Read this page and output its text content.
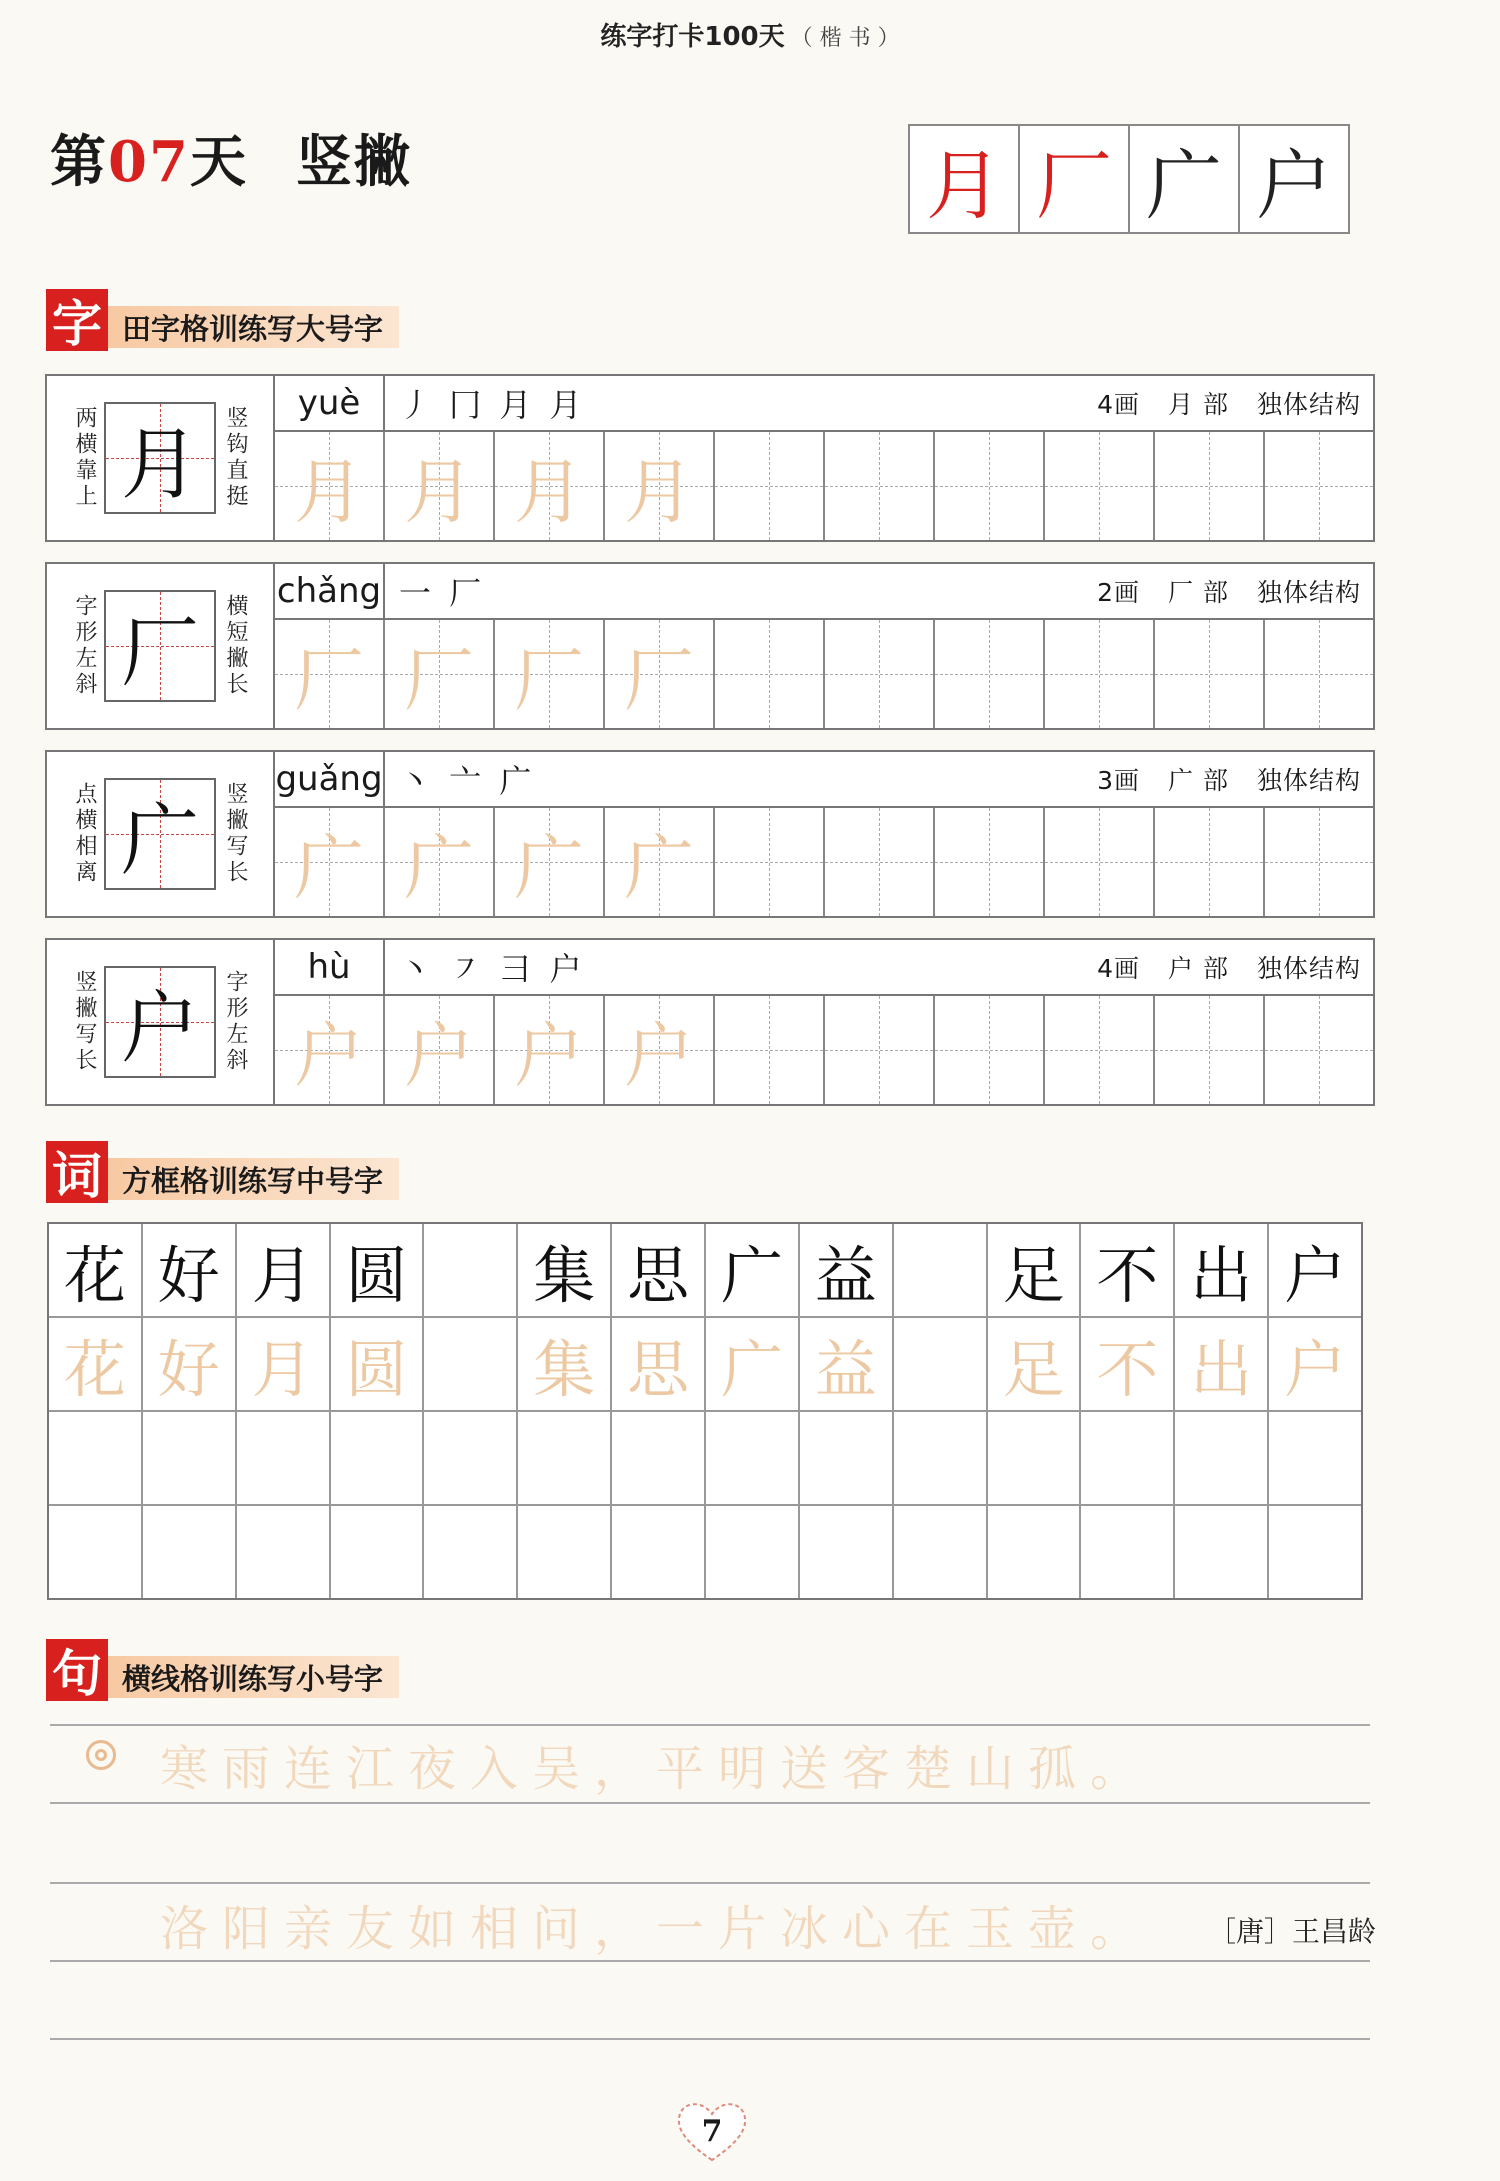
练字打卡100天 （ 楷 书 ）
第07天 竖撇	月 厂 广 户
字 田字格训练写大号字
两横靠上 月 竖钩直挺
yuè	丿 冂 月 月	4画 月 部 独体结构
月 月 月 月
字形左斜 厂 横短撇长
chǎng 一 厂	2画 厂 部 独体结构
厂 厂 厂 厂
点横相离 广 竖撇写长
guǎng 丶 亠 广	3画 广 部 独体结构
广 广 广 广
竖撇写长 户 字形左斜
hù	丶 ㇇ 彐 户	4画 户 部 独体结构
户 户 户 户
词 方框格训练写中号字
花 好 月 圆 集 思 广 益 足 不 出 户
花 好 月 圆 集 思 广 益 足 不 出 户
句 横线格训练写小号字
寒雨连江夜入吴，平明送客楚山孤。
洛阳亲友如相问，一片冰心在玉壶。 ［唐］王昌龄
7
